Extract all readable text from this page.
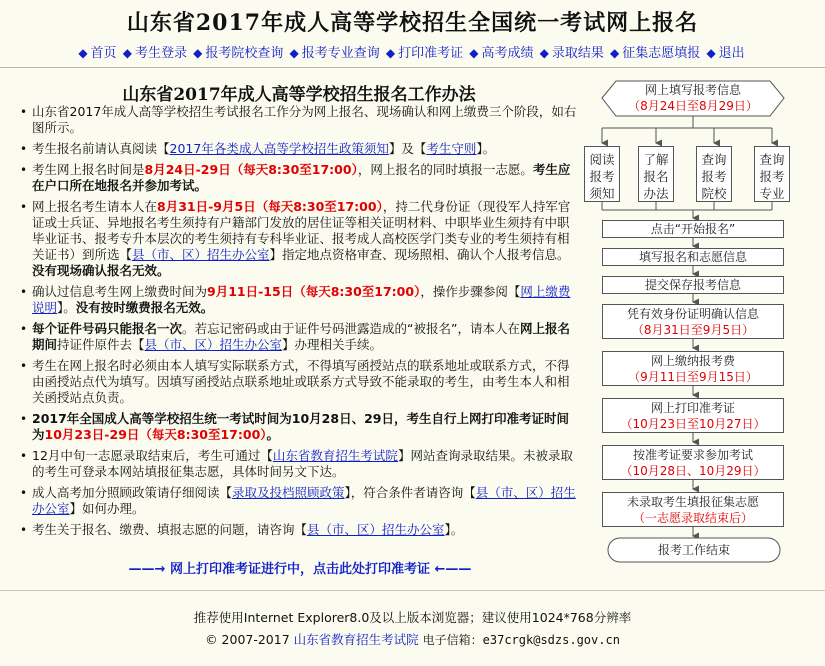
山东省2017年成人高等学校招生全国统一考试网上报名
◆ 首页 ◆ 考生登录 ◆ 报考院校查询 ◆ 报考专业查询 ◆ 打印准考证 ◆ 高考成绩 ◆ 录取结果 ◆ 征集志愿填报 ◆ 退出
山东省2017年成人高等学校招生报名工作办法
• 山东省2017年成人高等学校招生考试报名工作分为网上报名、现场确认和网上缴费三个阶段，如右图所示。
• 考生报名前请认真阅读【2017年各类成人高等学校招生政策须知】及【考生守则】。
• 考生网上报名时间是8月24日-29日（每天8:30至17:00），网上报名的同时填报一志愿。考生应在户口所在地报名并参加考试。
• 网上报名考生请本人在8月31日-9月5日（每天8:30至17:00），持二代身份证（现役军人持军官证或士兵证、异地报名考生须持有户籍部门发放的居住证等相关证明材料、中职毕业生须持有中职毕业证书、报考专升本层次的考生须持有专科毕业证、报考成人高校医学门类专业的考生须持有相关证书）到所选【县（市、区）招生办公室】指定地点资格审查、现场照相、确认个人报考信息。没有现场确认报名无效。
• 确认过信息考生网上缴费时间为9月11日-15日（每天8:30至17:00），操作步骤参阅【网上缴费说明】。没有按时缴费报名无效。
• 每个证件号码只能报名一次。若忘记密码或由于证件号码泄露造成的“被报名”，请本人在网上报名期间持证件原件去【县（市、区）招生办公室】办理相关手续。
• 考生在网上报名时必须由本人填写实际联系方式，不得填写函授站点的联系地址或联系方式，不得由函授站点代为填写。因填写函授站点联系地址或联系方式导致不能录取的考生，由考生本人和相关函授站点负责。
• 2017年全国成人高等学校招生统一考试时间为10月28日、29日，考生自行上网打印准考证时间为10月23日-29日（每天8:30至17:00）。
• 12月中旬一志愿录取结束后，考生可通过【山东省教育招生考试院】网站查询录取结果。未被录取的考生可登录本网站填报征集志愿，具体时间另文下达。
• 成人高考加分照顾政策请仔细阅读【录取及投档照顾政策】，符合条件者请咨询【县（市、区）招生办公室】如何办理。
• 考生关于报名、缴费、填报志愿的问题，请咨询【县（市、区）招生办公室】。
——→ 网上打印准考证进行中，点击此处打印准考证 ←——
网上填写报考信息
（8月24日至8月29日）
阅读报考须知
了解报名办法
查询报考院校
查询报考专业
点击“开始报名”
填写报名和志愿信息
提交保存报考信息
凭有效身份证明确认信息
（8月31日至9月5日）
网上缴纳报考费
（9月11日至9月15日）
网上打印准考证
（10月23日至10月27日）
按准考证要求参加考试
（10月28日、10月29日）
未录取考生填报征集志愿
（一志愿录取结束后）
报考工作结束
推荐使用Internet Explorer8.0及以上版本浏览器；建议使用1024*768分辨率
© 2007-2017 山东省教育招生考试院 电子信箱：e37crgk@sdzs.gov.cn
